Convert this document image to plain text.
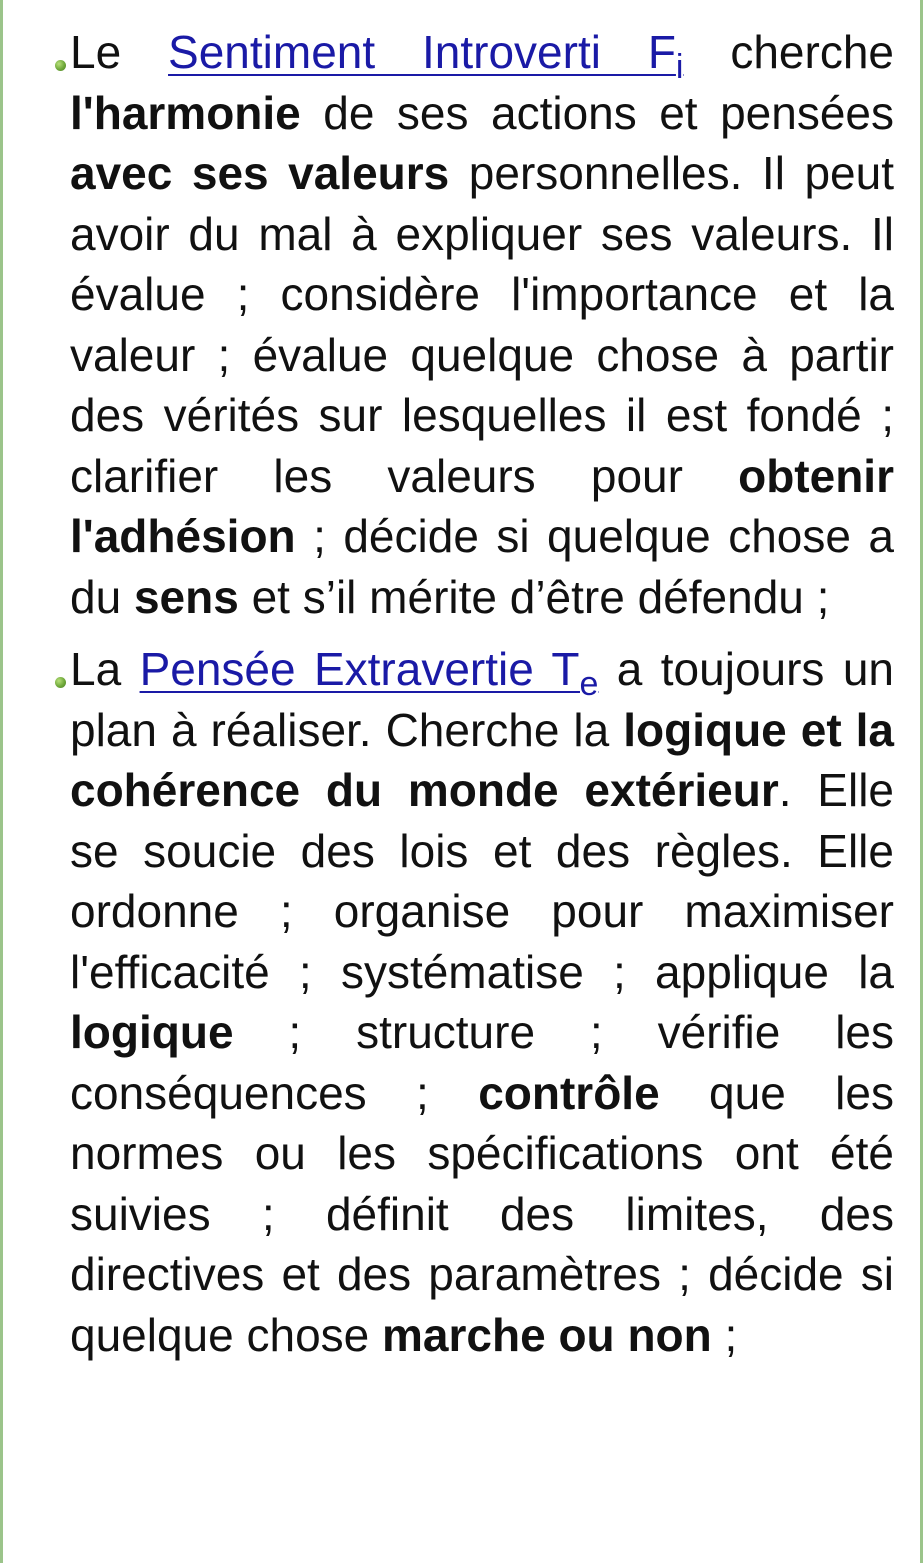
Le Sentiment Introverti $F_i$ cherche l'harmonie de ses actions et pensées avec ses valeurs personnelles. Il peut avoir du mal à expliquer ses valeurs. Il évalue ; considère l'importance et la valeur ; évalue quelque chose à partir des vérités sur lesquelles il est fondé ; clarifier les valeurs pour obtenir l'adhésion ; décide si quelque chose a du sens et s’il mérite d’être défendu ;
La Pensée Extravertie $T_e$ a toujours un plan à réaliser. Cherche la logique et la cohérence du monde extérieur. Elle se soucie des lois et des règles. Elle ordonne ; organise pour maximiser l'efficacité ; systématise ; applique la logique ; structure ; vérifie les conséquences ; contrôle que les normes ou les spécifications ont été suivies ; définit des limites, des directives et des paramètres ; décide si quelque chose marche ou non ;
